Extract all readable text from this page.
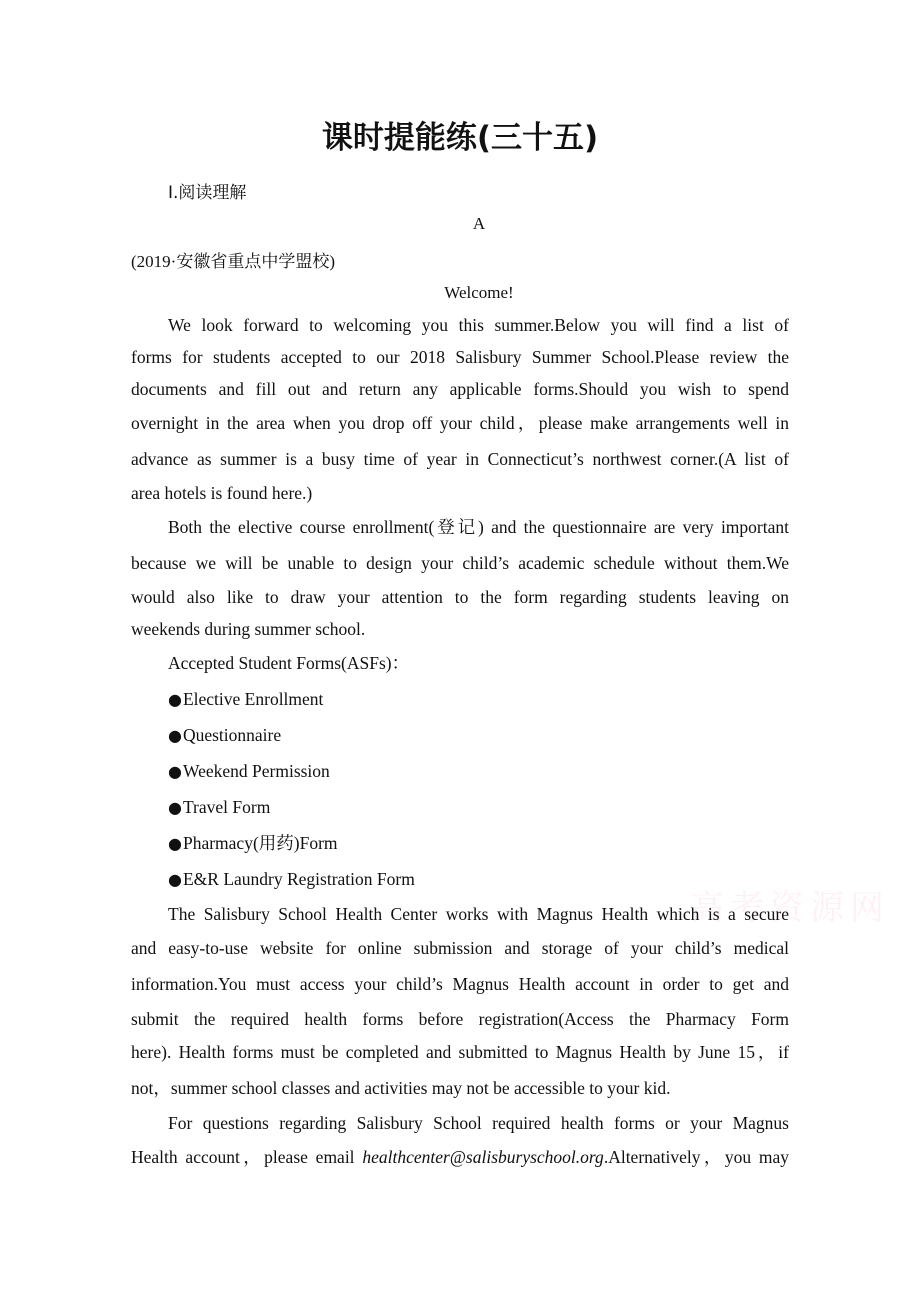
高考资源网
课时提能练(三十五)
Ⅰ.阅读理解
A
(2019·安徽省重点中学盟校)
Welcome!
We look forward to welcoming you this summer.Below you will find a list of
forms for students accepted to our 2018 Salisbury Summer School.Please review the
documents and fill out and return any applicable forms.Should you wish to spend
overnight in the area when you drop off your child，please make arrangements well in
advance as summer is a busy time of year in Connecticut’s northwest corner.(A list of
area hotels is found here.)
Both the elective course enrollment(登记) and the questionnaire are very important
because we will be unable to design your child’s academic schedule without them.We
would also like to draw your attention to the form regarding students leaving on
weekends during summer school.
Accepted Student Forms(ASFs)：
●Elective Enrollment
●Questionnaire
●Weekend Permission
●Travel Form
●Pharmacy(用药)Form
●E&R Laundry Registration Form
The Salisbury School Health Center works with Magnus Health which is a secure
and easy-to-use website for online submission and storage of your child’s medical
information.You must access your child’s Magnus Health account in order to get and
submit the required health forms before registration(Access the Pharmacy Form
here). Health forms must be completed and submitted to Magnus Health by June 15，if
not，summer school classes and activities may not be accessible to your kid.
For questions regarding Salisbury School required health forms or your Magnus
Health account，please email healthcenter@salisburyschool.org.Alternatively，you may
